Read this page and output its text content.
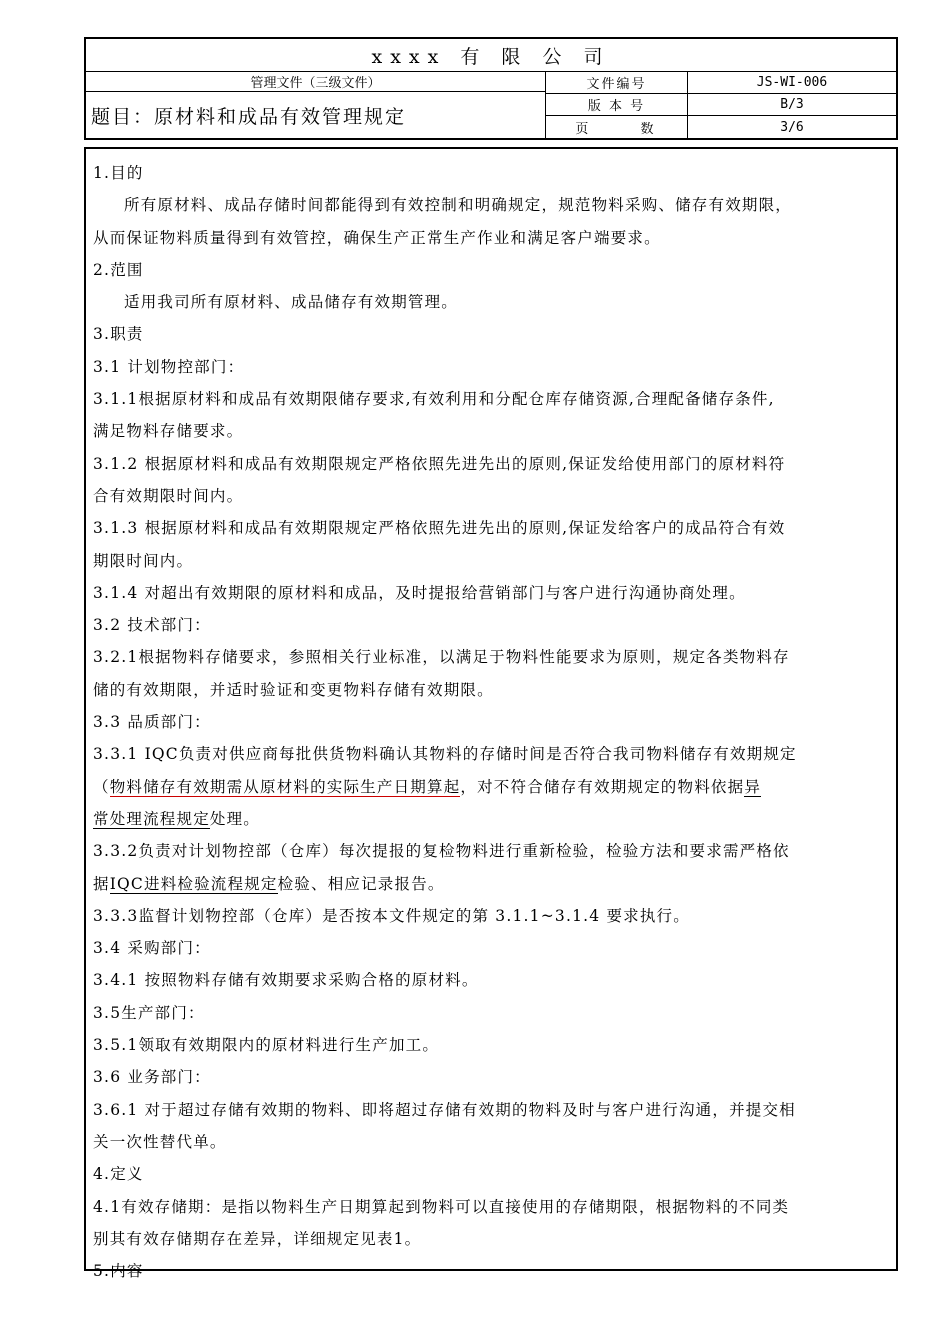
xxxx 有 限 公 司
管理文件（三级文件）
题目：原材料和成品有效管理规定
文件编号	JS-WI-006
版 本 号	B/3
页 数	3/6
1.目的
所有原材料、成品存储时间都能得到有效控制和明确规定，规范物料采购、储存有效期限，
从而保证物料质量得到有效管控，确保生产正常生产作业和满足客户端要求。
2.范围
适用我司所有原材料、成品储存有效期管理。
3.职责
3.1 计划物控部门：
3.1.1根据原材料和成品有效期限储存要求,有效利用和分配仓库存储资源,合理配备储存条件,
满足物料存储要求。
3.1.2 根据原材料和成品有效期限规定严格依照先进先出的原则,保证发给使用部门的原材料符
合有效期限时间内。
3.1.3 根据原材料和成品有效期限规定严格依照先进先出的原则,保证发给客户的成品符合有效
期限时间内。
3.1.4 对超出有效期限的原材料和成品，及时提报给营销部门与客户进行沟通协商处理。
3.2 技术部门：
3.2.1根据物料存储要求，参照相关行业标准，以满足于物料性能要求为原则，规定各类物料存
储的有效期限，并适时验证和变更物料存储有效期限。
3.3 品质部门：
3.3.1 IQC负责对供应商每批供货物料确认其物料的存储时间是否符合我司物料储存有效期规定
（物料储存有效期需从原材料的实际生产日期算起，对不符合储存有效期规定的物料依据异
常处理流程规定处理。
3.3.2负责对计划物控部（仓库）每次提报的复检物料进行重新检验，检验方法和要求需严格依
据IQC进料检验流程规定检验、相应记录报告。
3.3.3监督计划物控部（仓库）是否按本文件规定的第 3.1.1~3.1.4 要求执行。
3.4 采购部门：
3.4.1 按照物料存储有效期要求采购合格的原材料。
3.5生产部门：
3.5.1领取有效期限内的原材料进行生产加工。
3.6 业务部门：
3.6.1 对于超过存储有效期的物料、即将超过存储有效期的物料及时与客户进行沟通，并提交相
关一次性替代单。
4.定义
4.1有效存储期：是指以物料生产日期算起到物料可以直接使用的存储期限，根据物料的不同类
别其有效存储期存在差异，详细规定见表1。
5.内容
